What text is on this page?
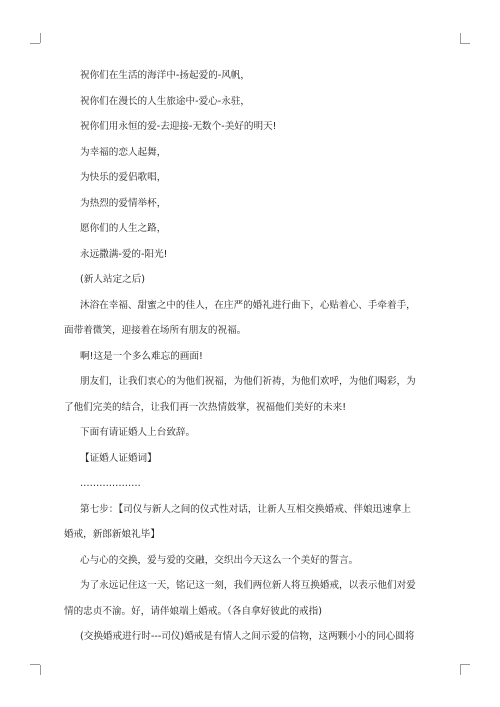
祝你们在生活的海洋中-扬起爱的-风帆，
祝你们在漫长的人生旅途中-爱心-永驻，
祝你们用永恒的爱-去迎接-无数个-美好的明天!
为幸福的恋人起舞，
为快乐的爱侣歌唱，
为热烈的爱情举杯，
愿你们的人生之路，
永远撒满-爱的-阳光!
(新人站定之后)
沐浴在幸福、甜蜜之中的佳人，在庄严的婚礼进行曲下，心贴着心、手牵着手，
面带着微笑，迎接着在场所有朋友的祝福。
啊!这是一个多么难忘的画面!
朋友们，让我们衷心的为他们祝福，为他们祈祷，为他们欢呼，为他们喝彩，为
了他们完美的结合，让我们再一次热情鼓掌，祝福他们美好的未来!
下面有请证婚人上台致辞。
【证婚人证婚词】
……………….
第七步：【司仪与新人之间的仪式性对话，让新人互相交换婚戒、伴娘迅速拿上
婚戒，新郎新娘礼毕】
心与心的交换，爱与爱的交融，交织出今天这么一个美好的誓言。
为了永远记住这一天，铭记这一刻，我们两位新人将互换婚戒，以表示他们对爱
情的忠贞不渝。好，请伴娘端上婚戒。（各自拿好彼此的戒指)
(交换婚戒进行时---司仪)婚戒是有情人之间示爱的信物，这两颗小小的同心圆将
